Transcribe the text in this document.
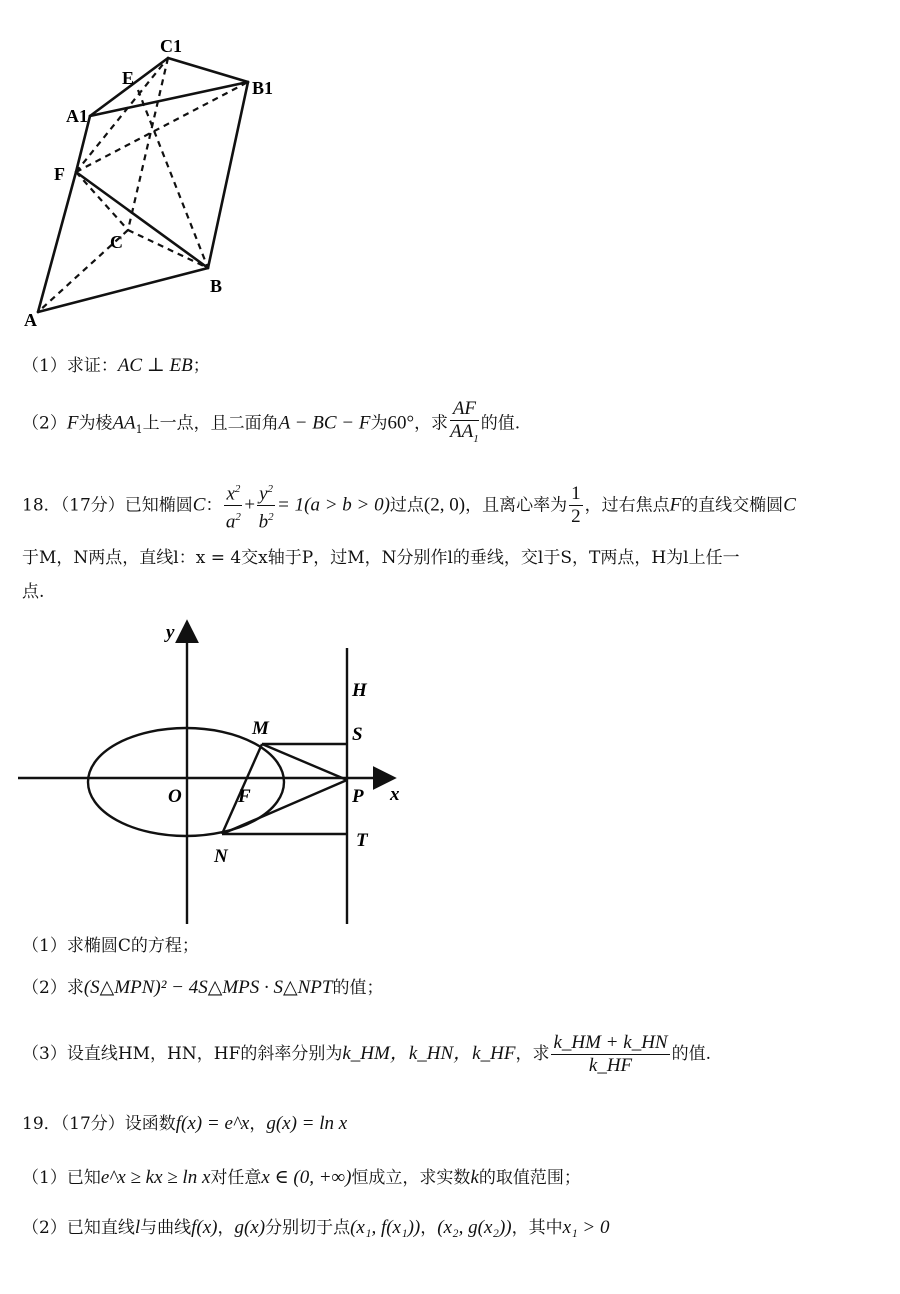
C1
B1
E
A1
F
C
B
A
（1）求证：AC ⊥ EB；
（2）F为棱$AA_1$上一点，且二面角A − BC − F为60°，求 $\frac{AF}{AA_1}$ 的值.
18．（17分）已知椭圆C： $\frac{x^2}{a^2} + \frac{y^2}{b^2} = 1(a > b > 0)$过点(2, 0)，且离心率为 $\frac{1}{2}$ ，过右焦点F的直线交椭圆C
于M，N两点，直线l：x = 4交x轴于P，过M，N分别作l的垂线，交l于S，T两点，H为l上任一
点.
y
H
M	S
O	F	P x
N
T
（1）求椭圆C的方程；
（2）求(S△MPN)² − 4S△MPS · S△NPT的值；
（3）设直线HM，HN，HF的斜率分别为k_HM，k_HN，k_HF，求 $\frac{k\_HM + k\_HN}{k\_HF}$ 的值.
19．（17分）设函数f(x) = e^x，g(x) = ln x
（1）已知e^x ≥ kx ≥ ln x对任意x ∈ (0, +∞)恒成立，求实数k的取值范围；
（2）已知直线l与曲线f(x)，g(x)分别切于点(x₁, f(x₁))，(x₂, g(x₂))，其中x₁ > 0
